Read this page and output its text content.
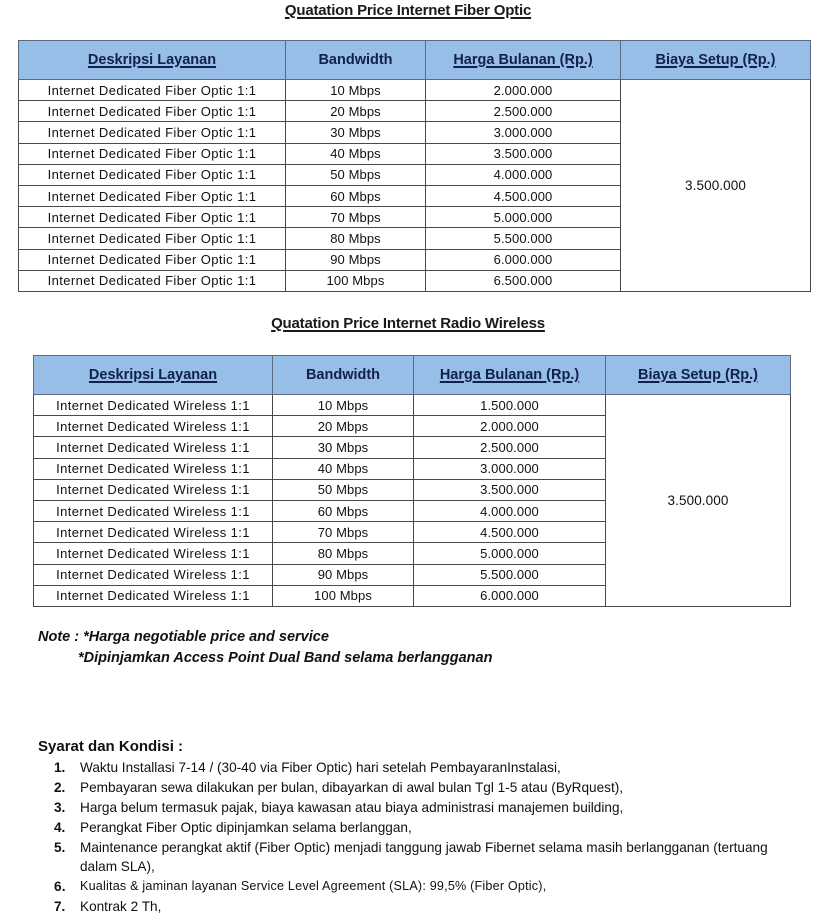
Quatation Price Internet Fiber Optic
Deskripsi Layanan	Bandwidth	Harga Bulanan (Rp.)	Biaya Setup (Rp.)
Internet Dedicated Fiber Optic 1:1	10 Mbps	2.000.000	3.500.000
Internet Dedicated Fiber Optic 1:1	20 Mbps	2.500.000	
Internet Dedicated Fiber Optic 1:1	30 Mbps	3.000.000	
Internet Dedicated Fiber Optic 1:1	40 Mbps	3.500.000	
Internet Dedicated Fiber Optic 1:1	50 Mbps	4.000.000	
Internet Dedicated Fiber Optic 1:1	60 Mbps	4.500.000	
Internet Dedicated Fiber Optic 1:1	70 Mbps	5.000.000	
Internet Dedicated Fiber Optic 1:1	80 Mbps	5.500.000	
Internet Dedicated Fiber Optic 1:1	90 Mbps	6.000.000	
Internet Dedicated Fiber Optic 1:1	100 Mbps	6.500.000	
Quatation Price Internet Radio Wireless
Deskripsi Layanan	Bandwidth	Harga Bulanan (Rp.)	Biaya Setup (Rp.)
Internet Dedicated Wireless 1:1	10 Mbps	1.500.000	3.500.000
Internet Dedicated Wireless 1:1	20 Mbps	2.000.000	
Internet Dedicated Wireless 1:1	30 Mbps	2.500.000	
Internet Dedicated Wireless 1:1	40 Mbps	3.000.000	
Internet Dedicated Wireless 1:1	50 Mbps	3.500.000	
Internet Dedicated Wireless 1:1	60 Mbps	4.000.000	
Internet Dedicated Wireless 1:1	70 Mbps	4.500.000	
Internet Dedicated Wireless 1:1	80 Mbps	5.000.000	
Internet Dedicated Wireless 1:1	90 Mbps	5.500.000	
Internet Dedicated Wireless 1:1	100 Mbps	6.000.000	
Note : *Harga negotiable price and service
*Dipinjamkan Access Point Dual Band selama berlangganan
Syarat dan Kondisi :
1. Waktu Installasi 7-14 / (30-40 via Fiber Optic) hari setelah PembayaranInstalasi,
2. Pembayaran sewa dilakukan per bulan, dibayarkan di awal bulan Tgl 1-5 atau (ByRquest),
3. Harga belum termasuk pajak, biaya kawasan atau biaya administrasi manajemen building,
4. Perangkat Fiber Optic dipinjamkan selama berlanggan,
5. Maintenance perangkat aktif (Fiber Optic) menjadi tanggung jawab Fibernet selama masih berlangganan (tertuang dalam SLA),
6. Kualitas & jaminan layanan Service Level Agreement (SLA): 99,5% (Fiber Optic),
7. Kontrak 2 Th,
